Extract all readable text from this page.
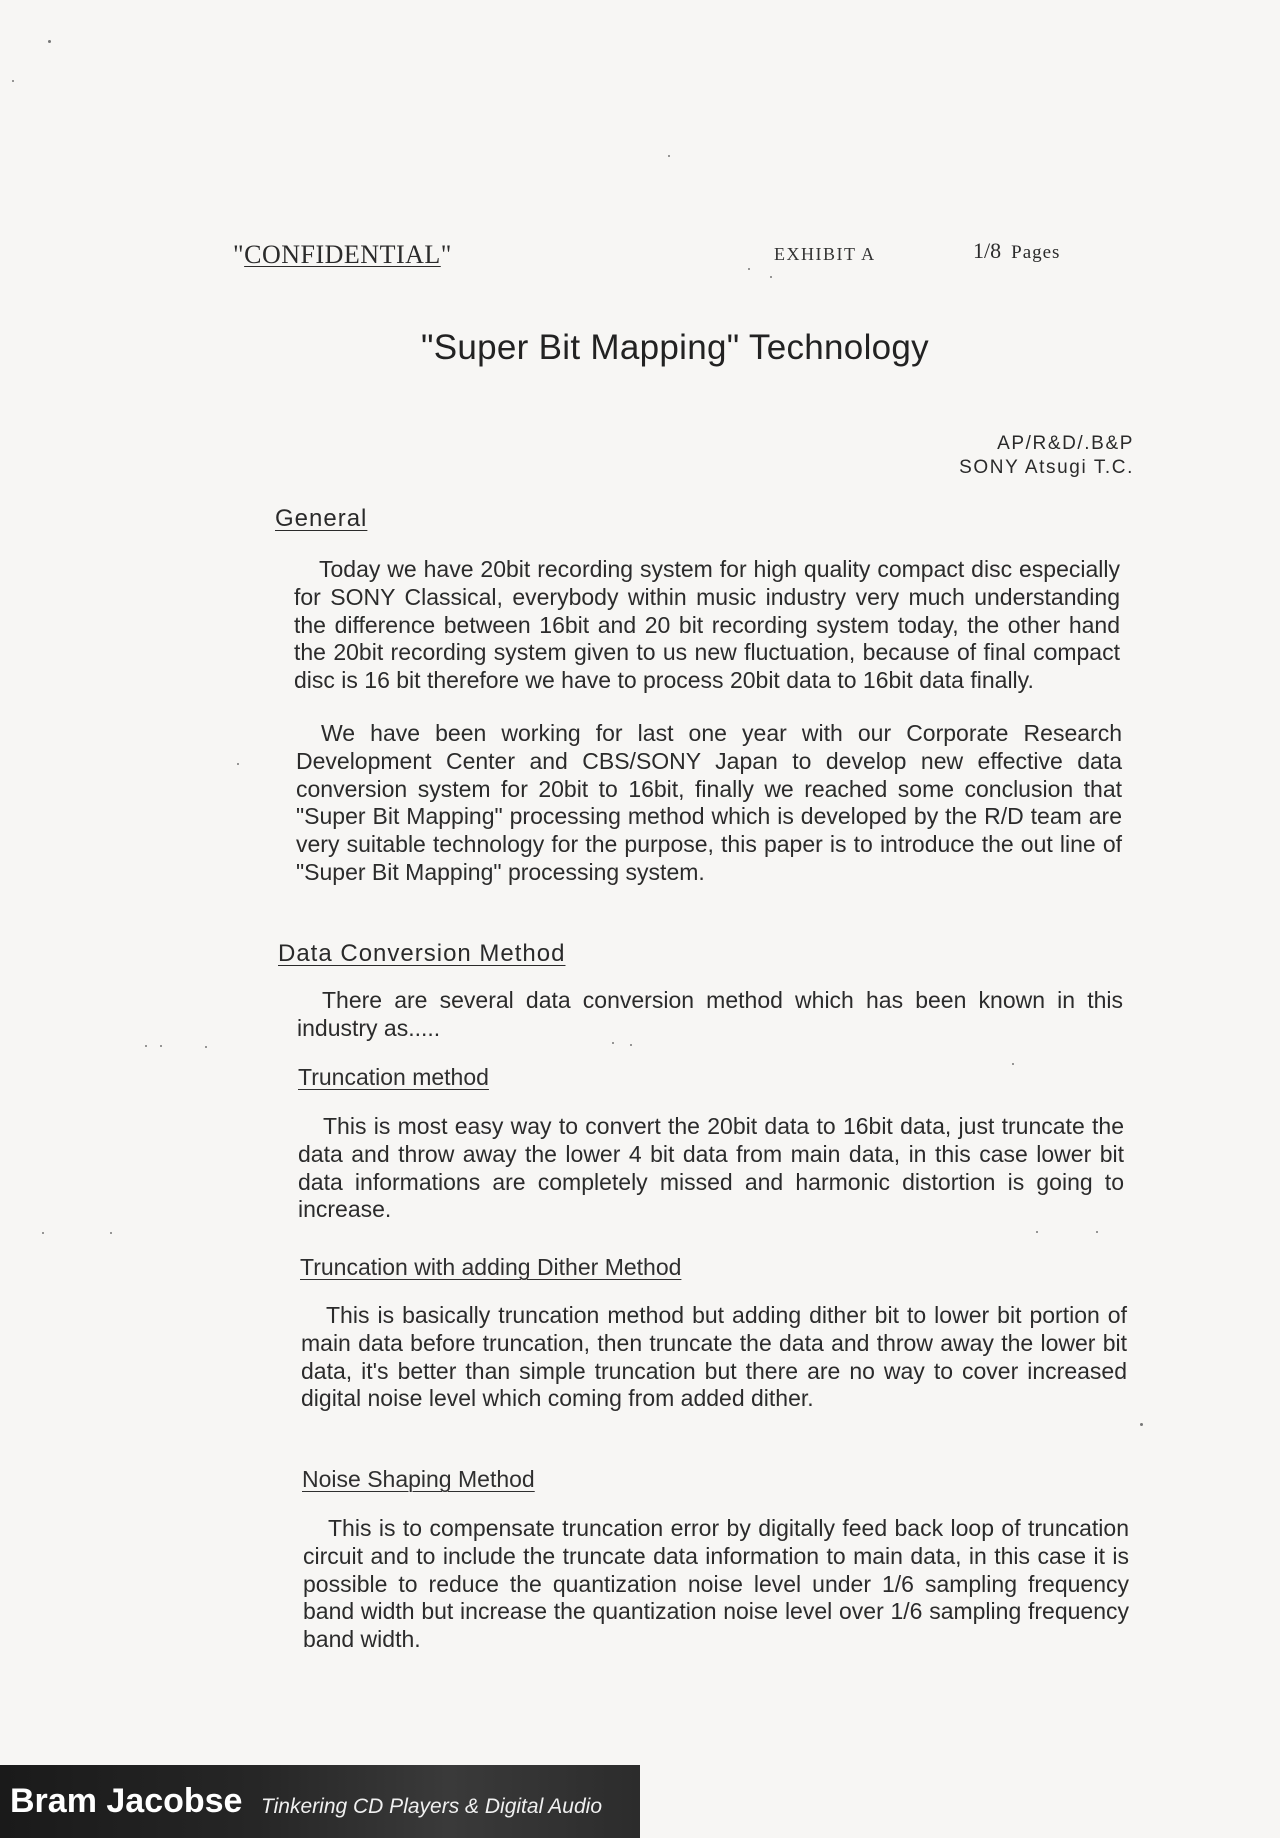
"CONFIDENTIAL"	EXHIBIT A	1/8 Pages
"Super Bit Mapping" Technology
AP/R&D/.B&P
SONY Atsugi T.C.
General

Today we have 20bit recording system for high quality compact disc especially for SONY Classical, everybody within music industry very much understanding the difference between 16bit and 20 bit recording system today, the other hand the 20bit recording system given to us new fluctuation, because of final compact disc is 16 bit therefore we have to process 20bit data to 16bit data finally.

We have been working for last one year with our Corporate Research Development Center and CBS/SONY Japan to develop new effective data conversion system for 20bit to 16bit, finally we reached some conclusion that "Super Bit Mapping" processing method which is developed by the R/D team are very suitable technology for the purpose, this paper is to introduce the out line of "Super Bit Mapping" processing system.

Data Conversion Method

There are several data conversion method which has been known in this industry as.....

Truncation method

This is most easy way to convert the 20bit data to 16bit data, just truncate the data and throw away the lower 4 bit data from main data, in this case lower bit data informations are completely missed and harmonic distortion is going to increase.

Truncation with adding Dither Method

This is basically truncation method but adding dither bit to lower bit portion of main data before truncation, then truncate the data and throw away the lower bit data, it's better than simple truncation but there are no way to cover increased digital noise level which coming from added dither.

Noise Shaping Method

This is to compensate truncation error by digitally feed back loop of truncation circuit and to include the truncate data information to main data, in this case it is possible to reduce the quantization noise level under 1/6 sampling frequency band width but increase the quantization noise level over 1/6 sampling frequency band width.

Bram Jacobse Tinkering CD Players & Digital Audio
